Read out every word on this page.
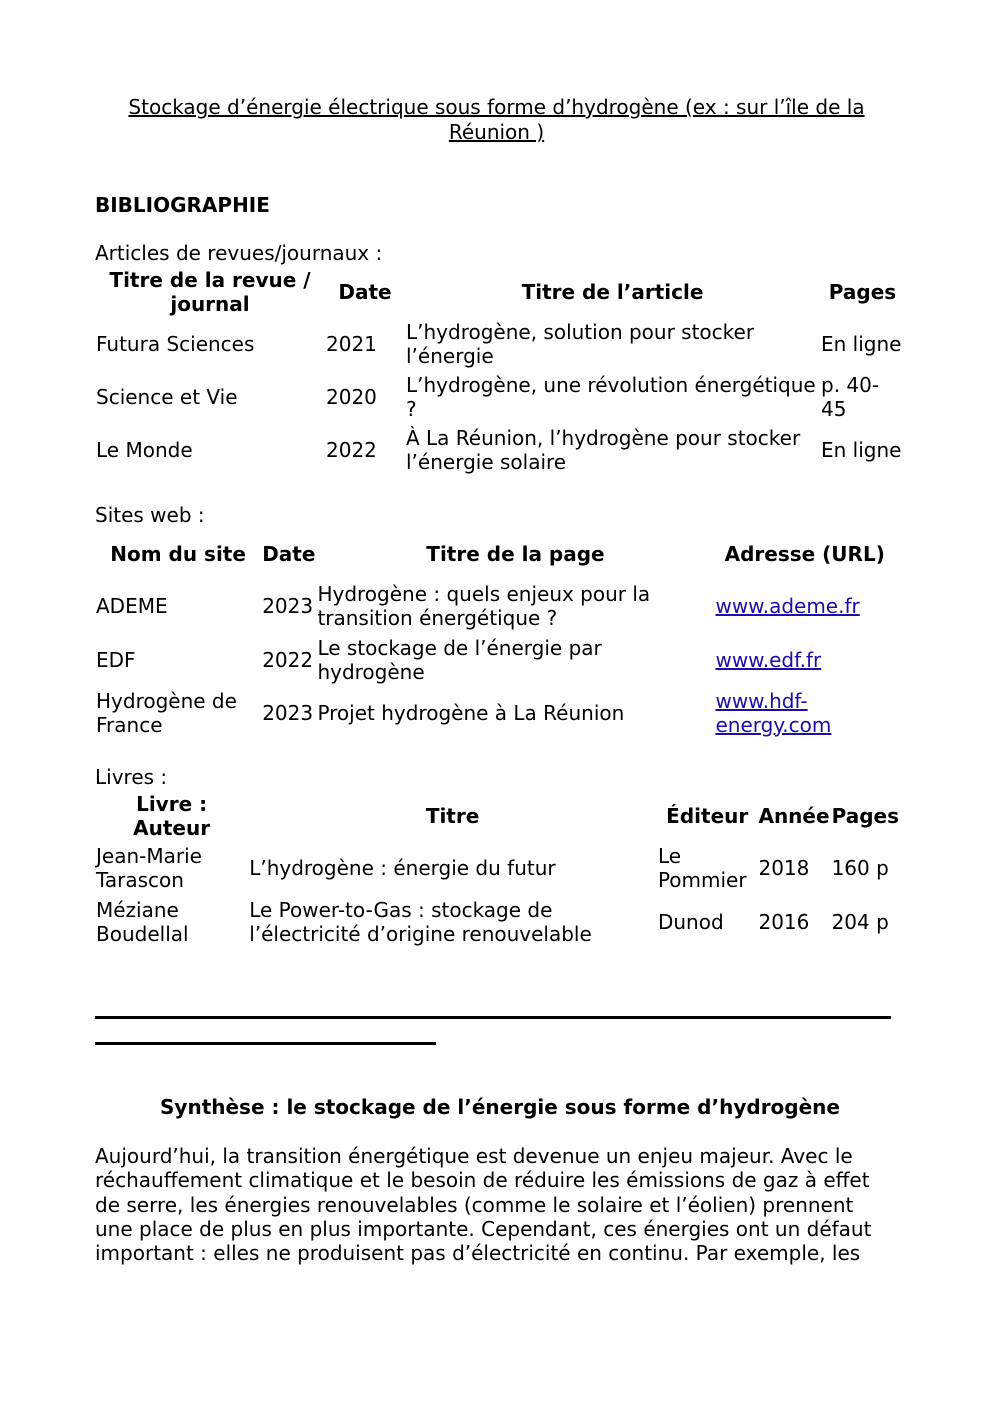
Stockage d’énergie électrique sous forme d’hydrogène (ex : sur l’île de la Réunion )
BIBLIOGRAPHIE
Articles de revues/journaux :
Titre de la revue / journal	Date	Titre de l’article	Pages
Futura Sciences	2021	L’hydrogène, solution pour stocker l’énergie	En ligne
Science et Vie	2020	L’hydrogène, une révolution énergétique ?	p. 40-45
Le Monde	2022	À La Réunion, l’hydrogène pour stocker l’énergie solaire	En ligne
Sites web :
Nom du site	Date	Titre de la page	Adresse (URL)
ADEME	2023	Hydrogène : quels enjeux pour la transition énergétique ?	www.ademe.fr
EDF	2022	Le stockage de l’énergie par hydrogène	www.edf.fr
Hydrogène de France	2023	Projet hydrogène à La Réunion	www.hdf-energy.com
Livres :
Livre : Auteur	Titre	Éditeur	Année	Pages
Jean-Marie Tarascon	L’hydrogène : énergie du futur	Le Pommier	2018	160 p
Méziane Boudellal	Le Power-to-Gas : stockage de l’électricité d’origine renouvelable	Dunod	2016	204 p
Synthèse : le stockage de l’énergie sous forme d’hydrogène
Aujourd’hui, la transition énergétique est devenue un enjeu majeur. Avec le réchauffement climatique et le besoin de réduire les émissions de gaz à effet de serre, les énergies renouvelables (comme le solaire et l’éolien) prennent une place de plus en plus importante. Cependant, ces énergies ont un défaut important : elles ne produisent pas d’électricité en continu. Par exemple, les
